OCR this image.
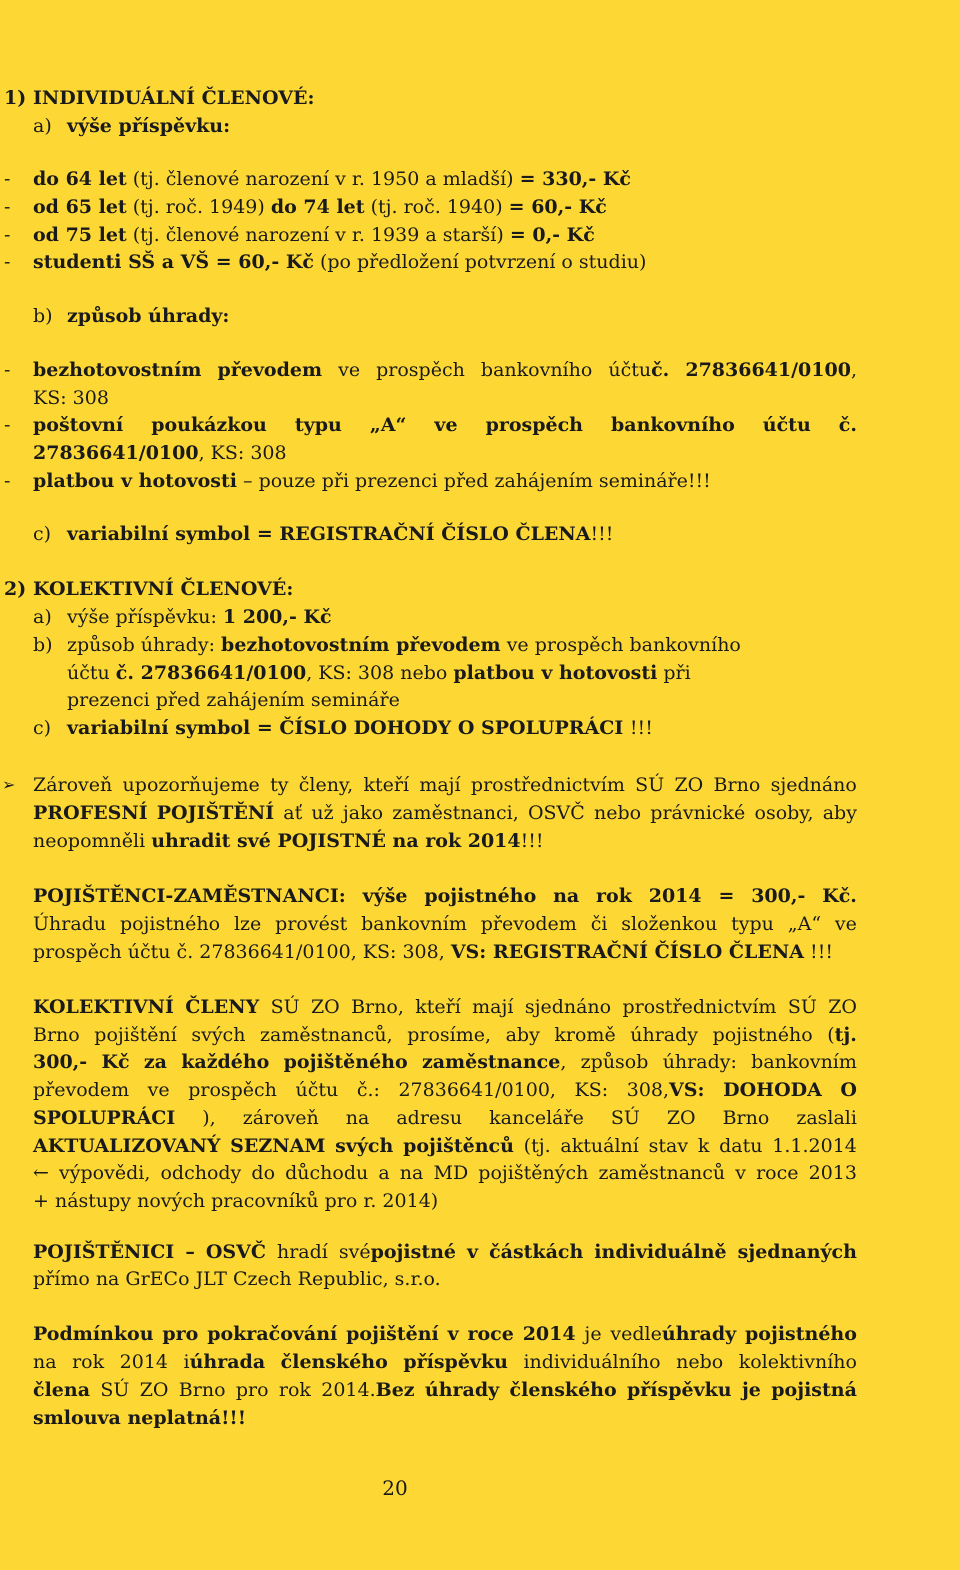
1) INDIVIDUÁLNÍ ČLENOVÉ:
a) výše příspěvku:
- do 64 let (tj. členové narození v r. 1950 a mladší) = 330,- Kč
- od 65 let (tj. roč. 1949) do 74 let (tj. roč. 1940) = 60,- Kč
- od 75 let (tj. členové narození v r. 1939 a starší) = 0,- Kč
- studenti SŠ a VŠ = 60,- Kč (po předložení potvrzení o studiu)
b) způsob úhrady:
- bezhotovostním převodem ve prospěch bankovního účtuč. 27836641/0100,
KS: 308
- poštovní poukázkou typu „A“ ve prospěch bankovního účtu č.
27836641/0100, KS: 308
- platbou v hotovosti – pouze při prezenci před zahájením semináře!!!
c) variabilní symbol = REGISTRAČNÍ ČÍSLO ČLENA!!!
2) KOLEKTIVNÍ ČLENOVÉ:
a) výše příspěvku: 1 200,- Kč
b) způsob úhrady: bezhotovostním převodem ve prospěch bankovního
účtu č. 27836641/0100, KS: 308 nebo platbou v hotovosti při
prezenci před zahájením semináře
c) variabilní symbol = ČÍSLO DOHODY O SPOLUPRÁCI !!!
➢ Zároveň upozorňujeme ty členy, kteří mají prostřednictvím SÚ ZO Brno sjednáno
PROFESNÍ POJIŠTĚNÍ ať už jako zaměstnanci, OSVČ nebo právnické osoby, aby
neopomněli uhradit své POJISTNÉ na rok 2014!!!
POJIŠTĚNCI-ZAMĚSTNANCI: výše pojistného na rok 2014 = 300,- Kč.
Úhradu pojistného lze provést bankovním převodem či složenkou typu „A“ ve
prospěch účtu č. 27836641/0100, KS: 308, VS: REGISTRAČNÍ ČÍSLO ČLENA !!!
KOLEKTIVNÍ ČLENY SÚ ZO Brno, kteří mají sjednáno prostřednictvím SÚ ZO
Brno pojištění svých zaměstnanců, prosíme, aby kromě úhrady pojistného (tj.
300,- Kč za každého pojištěného zaměstnance, způsob úhrady: bankovním
převodem ve prospěch účtu č.: 27836641/0100, KS: 308,VS: DOHODA O
SPOLUPRÁCI ), zároveň na adresu kanceláře SÚ ZO Brno zaslali
AKTUALIZOVANÝ SEZNAM svých pojištěnců (tj. aktuální stav k datu 1.1.2014
← výpovědi, odchody do důchodu a na MD pojištěných zaměstnanců v roce 2013
+ nástupy nových pracovníků pro r. 2014)
POJIŠTĚNICI – OSVČ hradí svépojistné v částkách individuálně sjednaných
přímo na GrECo JLT Czech Republic, s.r.o.
Podmínkou pro pokračování pojištění v roce 2014 je vedleúhrady pojistného
na rok 2014 iúhrada členského příspěvku individuálního nebo kolektivního
člena SÚ ZO Brno pro rok 2014.Bez úhrady členského příspěvku je pojistná
smlouva neplatná!!!
20
